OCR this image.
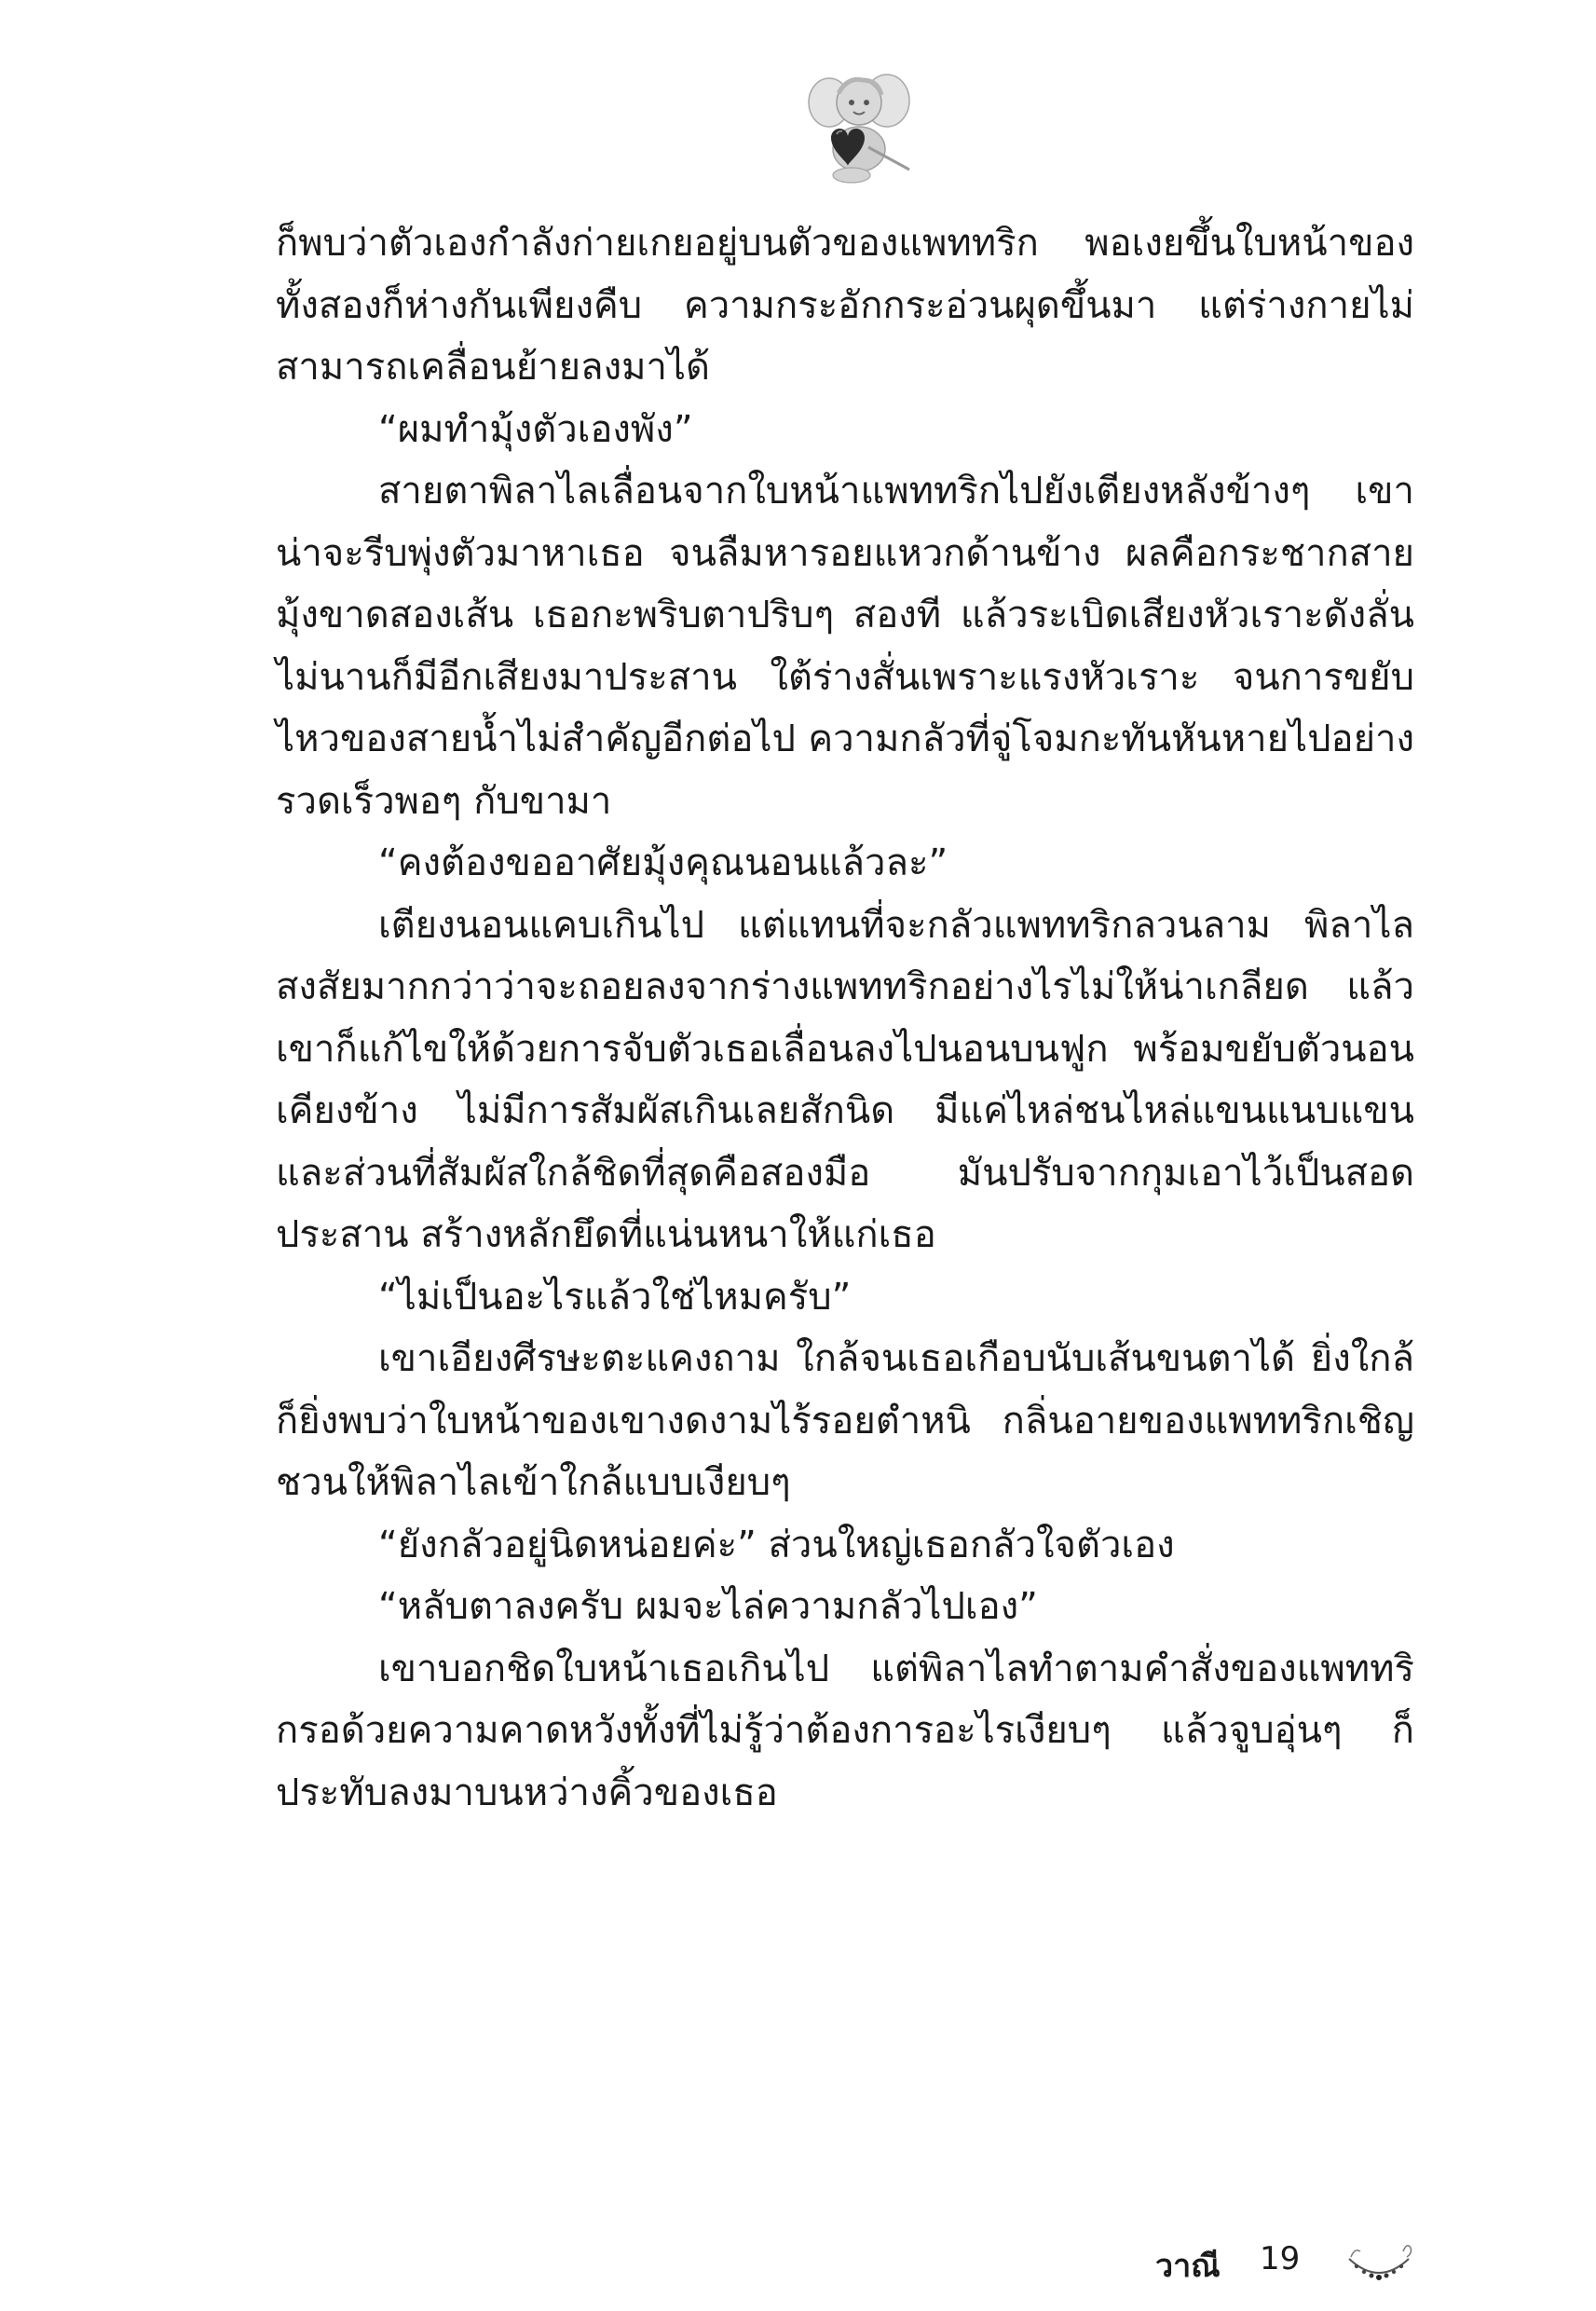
ก็พบว่าตัวเองกำลังก่ายเกยอยู่บนตัวของแพททริก พอเงยขึ้นใบหน้าของทั้งสองก็ห่างกันเพียงคืบ ความกระอักกระอ่วนผุดขึ้นมา แต่ร่างกายไม่สามารถเคลื่อนย้ายลงมาได้

“ผมทำมุ้งตัวเองพัง”

สายตาพิลาไลเลื่อนจากใบหน้าแพททริกไปยังเตียงหลังข้างๆ เขาน่าจะรีบพุ่งตัวมาหาเธอ จนลืมหารอยแหวกด้านข้าง ผลคือกระชากสายมุ้งขาดสองเส้น เธอกะพริบตาปริบๆ สองที แล้วระเบิดเสียงหัวเราะดังลั่น ไม่นานก็มีอีกเสียงมาประสาน ใต้ร่างสั่นเพราะแรงหัวเราะ จนการขยับไหวของสายน้ำไม่สำคัญอีกต่อไป ความกลัวที่จู่โจมกะทันหันหายไปอย่างรวดเร็วพอๆ กับขามา

“คงต้องขออาศัยมุ้งคุณนอนแล้วละ”

เตียงนอนแคบเกินไป แต่แทนที่จะกลัวแพททริกลวนลาม พิลาไลสงสัยมากกว่าว่าจะถอยลงจากร่างแพททริกอย่างไรไม่ให้น่าเกลียด แล้วเขาก็แก้ไขให้ด้วยการจับตัวเธอเลื่อนลงไปนอนบนฟูก พร้อมขยับตัวนอนเคียงข้าง ไม่มีการสัมผัสเกินเลยสักนิด มีแค่ไหล่ชนไหล่แขนแนบแขน และส่วนที่สัมผัสใกล้ชิดที่สุดคือสองมือ มันปรับจากกุมเอาไว้เป็นสอดประสาน สร้างหลักยึดที่แน่นหนาให้แก่เธอ

“ไม่เป็นอะไรแล้วใช่ไหมครับ”

เขาเอียงศีรษะตะแคงถาม ใกล้จนเธอเกือบนับเส้นขนตาได้ ยิ่งใกล้ก็ยิ่งพบว่าใบหน้าของเขางดงามไร้รอยตำหนิ กลิ่นอายของแพททริกเชิญชวนให้พิลาไลเข้าใกล้แบบเงียบๆ

“ยังกลัวอยู่นิดหน่อยค่ะ” ส่วนใหญ่เธอกลัวใจตัวเอง

“หลับตาลงครับ ผมจะไล่ความกลัวไปเอง”

เขาบอกชิดใบหน้าเธอเกินไป แต่พิลาไลทำตามคำสั่งของแพททริกรอด้วยความคาดหวังทั้งที่ไม่รู้ว่าต้องการอะไรเงียบๆ แล้วจูบอุ่นๆ ก็ประทับลงมาบนหว่างคิ้วของเธอ

วาณี 19
